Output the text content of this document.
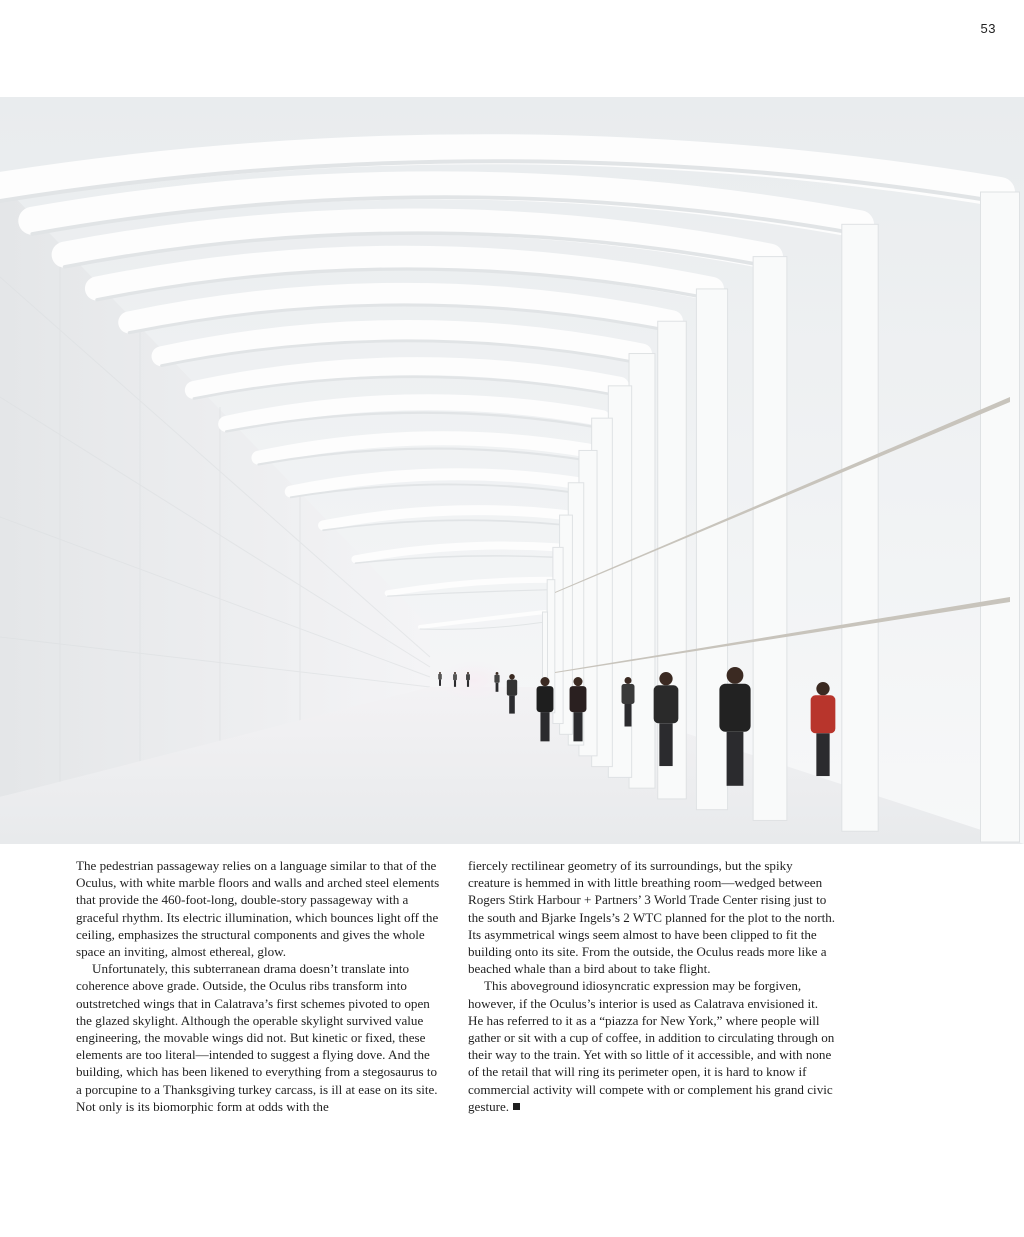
53

The pedestrian passageway relies on a language similar to that of the Oculus, with white marble floors and walls and arched steel elements that provide the 460-foot-long, double-story passageway with a graceful rhythm. Its electric illumination, which bounces light off the ceiling, emphasizes the structural components and gives the whole space an inviting, almost ethereal, glow.

Unfortunately, this subterranean drama doesn’t translate into coherence above grade. Outside, the Oculus ribs transform into outstretched wings that in Calatrava’s first schemes pivoted to open the glazed skylight. Although the operable skylight survived value engineering, the movable wings did not. But kinetic or fixed, these elements are too literal—intended to suggest a flying dove. And the building, which has been likened to everything from a stegosaurus to a porcupine to a Thanksgiving turkey carcass, is ill at ease on its site. Not only is its biomorphic form at odds with the

fiercely rectilinear geometry of its surroundings, but the spiky creature is hemmed in with little breathing room—wedged between Rogers Stirk Harbour + Partners’ 3 World Trade Center rising just to the south and Bjarke Ingels’s 2 WTC planned for the plot to the north. Its asymmetrical wings seem almost to have been clipped to fit the building onto its site. From the outside, the Oculus reads more like a beached whale than a bird about to take flight.

This aboveground idiosyncratic expression may be forgiven, however, if the Oculus’s interior is used as Calatrava envisioned it. He has referred to it as a “piazza for New York,” where people will gather or sit with a cup of coffee, in addition to circulating through on their way to the train. Yet with so little of it accessible, and with none of the retail that will ring its perimeter open, it is hard to know if commercial activity will compete with or complement his grand civic gesture.
